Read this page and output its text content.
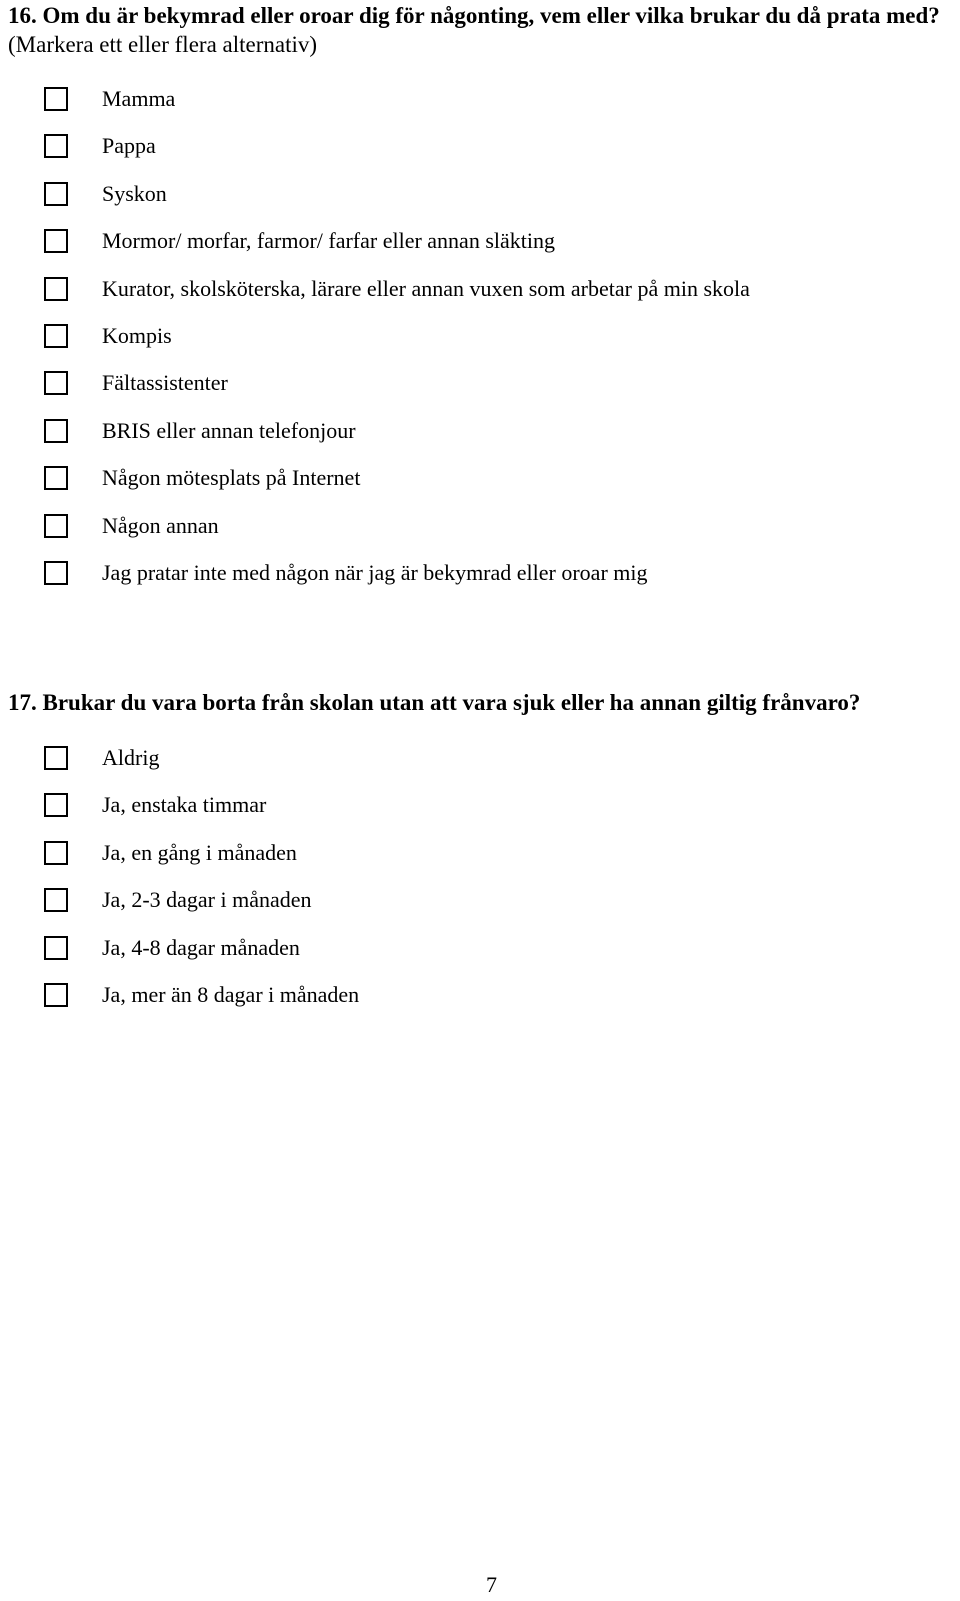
16. Om du är bekymrad eller oroar dig för någonting, vem eller vilka brukar du då prata med?(Markera ett eller flera alternativ)
Mamma
Pappa
Syskon
Mormor/ morfar, farmor/ farfar eller annan släkting
Kurator, skolsköterska, lärare eller annan vuxen som arbetar på min skola
Kompis
Fältassistenter
BRIS eller annan telefonjour
Någon mötesplats på Internet
Någon annan
Jag pratar inte med någon när jag är bekymrad eller oroar mig
17. Brukar du vara borta från skolan utan att vara sjuk eller ha annan giltig frånvaro?
Aldrig
Ja, enstaka timmar
Ja, en gång i månaden
Ja, 2-3 dagar i månaden
Ja, 4-8 dagar månaden
Ja, mer än 8 dagar i månaden
7
